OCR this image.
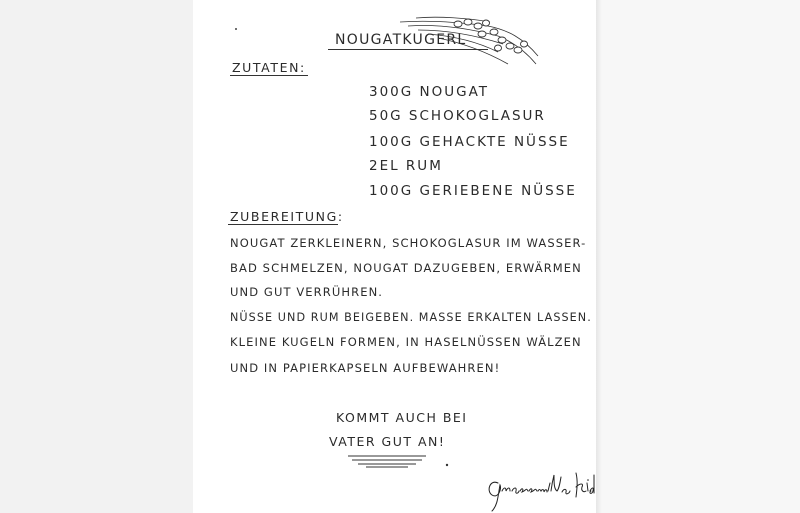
NOUGATKUGERL
ZUTATEN:
300G NOUGAT
50G SCHOKOGLASUR
100G GEHACKTE NÜSSE
2EL RUM
100G GERIEBENE NÜSSE
ZUBEREITUNG:
NOUGAT ZERKLEINERN, SCHOKOGLASUR IM WASSER-
BAD SCHMELZEN, NOUGAT DAZUGEBEN, ERWÄRMEN
UND GUT VERRÜHREN.
NÜSSE UND RUM BEIGEBEN. MASSE ERKALTEN LASSEN.
KLEINE KUGELN FORMEN, IN HASELNÜSSEN WÄLZEN
UND IN PAPIERKAPSELN AUFBEWAHREN!
KOMMT AUCH BEI
VATER GUT AN!
